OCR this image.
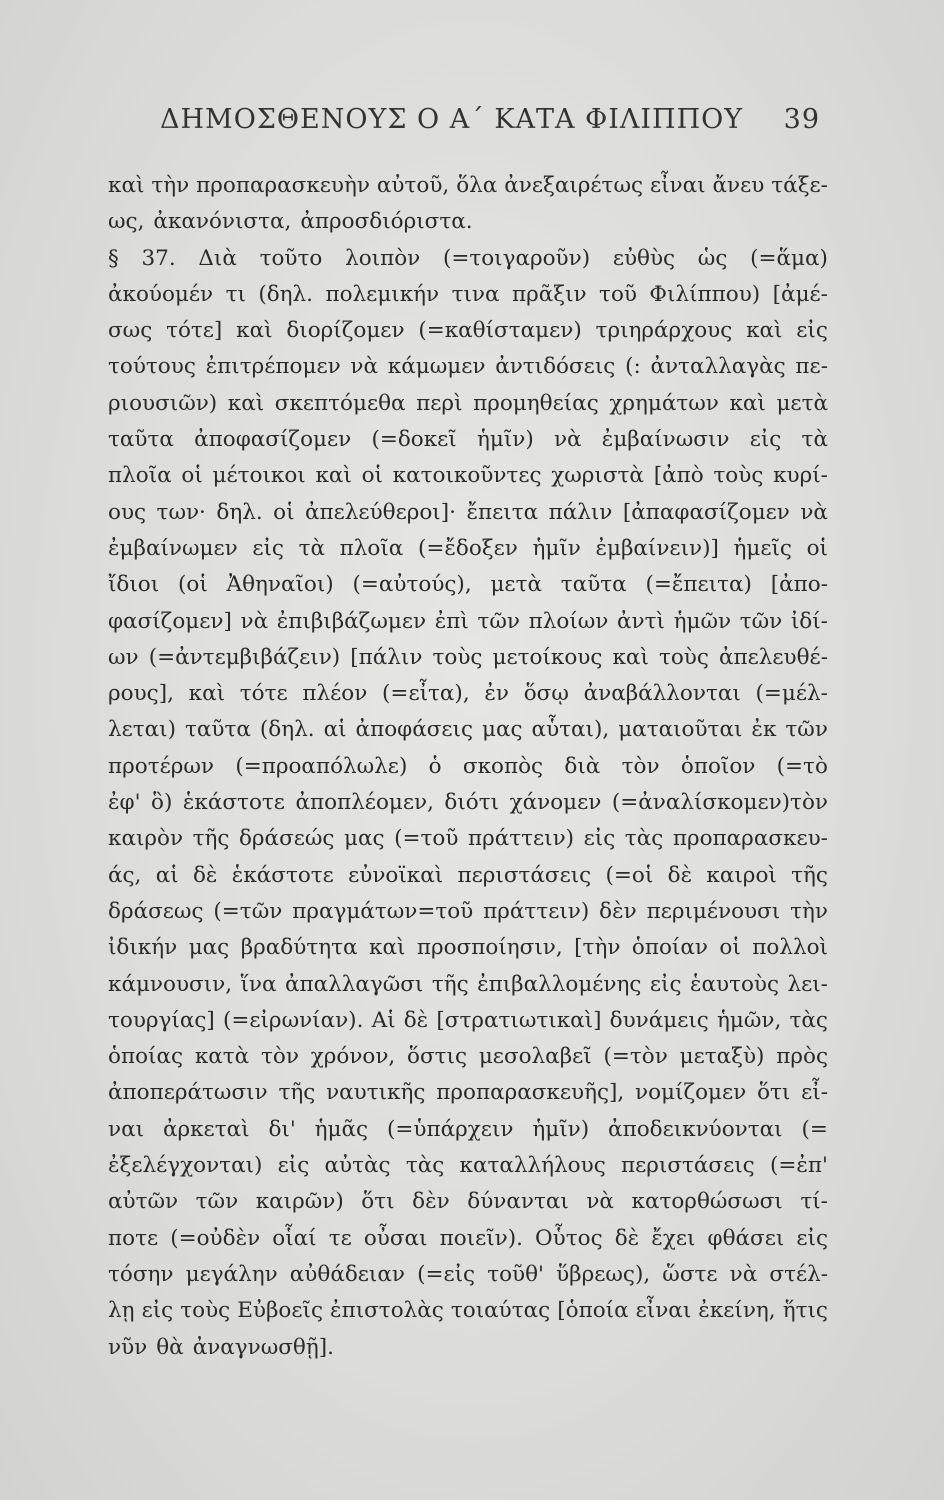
ΔΗΜΟΣΘΕΝΟΥΣ Ο Α΄ ΚΑΤΑ ΦΙΛΙΠΠΟΥ 39
καὶ τὴν προπαρασκευὴν αὐτοῦ, ὅλα ἀνεξαιρέτως εἶναι ἄνευ τάξε-
ως, ἀκανόνιστα, ἀπροσδιόριστα.
§ 37. Διὰ τοῦτο λοιπὸν (=τοιγαροῦν) εὐθὺς ὡς (=ἅμα)
ἀκούομέν τι (δηλ. πολεμικήν τινα πρᾶξιν τοῦ Φιλίππου) [ἀμέ-
σως τότε] καὶ διορίζομεν (=καθίσταμεν) τριηράρχους καὶ εἰς
τούτους ἐπιτρέπομεν νὰ κάμωμεν ἀντιδόσεις (: ἀνταλλαγὰς πε-
ριουσιῶν) καὶ σκεπτόμεθα περὶ προμηθείας χρημάτων καὶ μετὰ
ταῦτα ἀποφασίζομεν (=δοκεῖ ἡμῖν) νὰ ἐμβαίνωσιν εἰς τὰ
πλοῖα οἱ μέτοικοι καὶ οἱ κατοικοῦντες χωριστὰ [ἀπὸ τοὺς κυρί-
ους των· δηλ. οἱ ἀπελεύθεροι]· ἔπειτα πάλιν [ἀπαφασίζομεν νὰ
ἐμβαίνωμεν εἰς τὰ πλοῖα (=ἔδοξεν ἡμῖν ἐμβαίνειν)] ἡμεῖς οἱ
ἴδιοι (οἱ Ἀθηναῖοι) (=αὐτούς), μετὰ ταῦτα (=ἔπειτα) [ἀπο-
φασίζομεν] νὰ ἐπιβιβάζωμεν ἐπὶ τῶν πλοίων ἀντὶ ἡμῶν τῶν ἰδί-
ων (=ἀντεμβιβάζειν) [πάλιν τοὺς μετοίκους καὶ τοὺς ἀπελευθέ-
ρους], καὶ τότε πλέον (=εἶτα), ἐν ὅσῳ ἀναβάλλονται (=μέλ-
λεται) ταῦτα (δηλ. αἱ ἀποφάσεις μας αὗται), ματαιοῦται ἐκ τῶν
προτέρων (=προαπόλωλε) ὁ σκοπὸς διὰ τὸν ὁποῖον (=τὸ
ἐφ' ὃ) ἑκάστοτε ἀποπλέομεν, διότι χάνομεν (=ἀναλίσκομεν)τὸν
καιρὸν τῆς δράσεώς μας (=τοῦ πράττειν) εἰς τὰς προπαρασκευ-
άς, αἱ δὲ ἑκάστοτε εὐνοϊκαὶ περιστάσεις (=οἱ δὲ καιροὶ τῆς
δράσεως (=τῶν πραγμάτων=τοῦ πράττειν) δὲν περιμένουσι τὴν
ἰδικήν μας βραδύτητα καὶ προσποίησιν, [τὴν ὁποίαν οἱ πολλοὶ
κάμνουσιν, ἵνα ἀπαλλαγῶσι τῆς ἐπιβαλλομένης εἰς ἑαυτοὺς λει-
τουργίας] (=εἰρωνίαν). Αἱ δὲ [στρατιωτικαὶ] δυνάμεις ἡμῶν, τὰς
ὁποίας κατὰ τὸν χρόνον, ὅστις μεσολαβεῖ (=τὸν μεταξὺ) πρὸς
ἀποπεράτωσιν τῆς ναυτικῆς προπαρασκευῆς], νομίζομεν ὅτι εἶ-
ναι ἀρκεταὶ δι' ἡμᾶς (=ὑπάρχειν ἡμῖν) ἀποδεικνύονται (=
ἐξελέγχονται) εἰς αὐτὰς τὰς καταλλήλους περιστάσεις (=ἐπ'
αὐτῶν τῶν καιρῶν) ὅτι δὲν δύνανται νὰ κατορθώσωσι τί-
ποτε (=οὐδὲν οἷαί τε οὖσαι ποιεῖν). Οὗτος δὲ ἔχει φθάσει εἰς
τόσην μεγάλην αὐθάδειαν (=εἰς τοῦθ' ὕβρεως), ὥστε νὰ στέλ-
λῃ εἰς τοὺς Εὐβοεῖς ἐπιστολὰς τοιαύτας [ὁποία εἶναι ἐκείνη, ἥτις
νῦν θὰ ἀναγνωσθῇ].
